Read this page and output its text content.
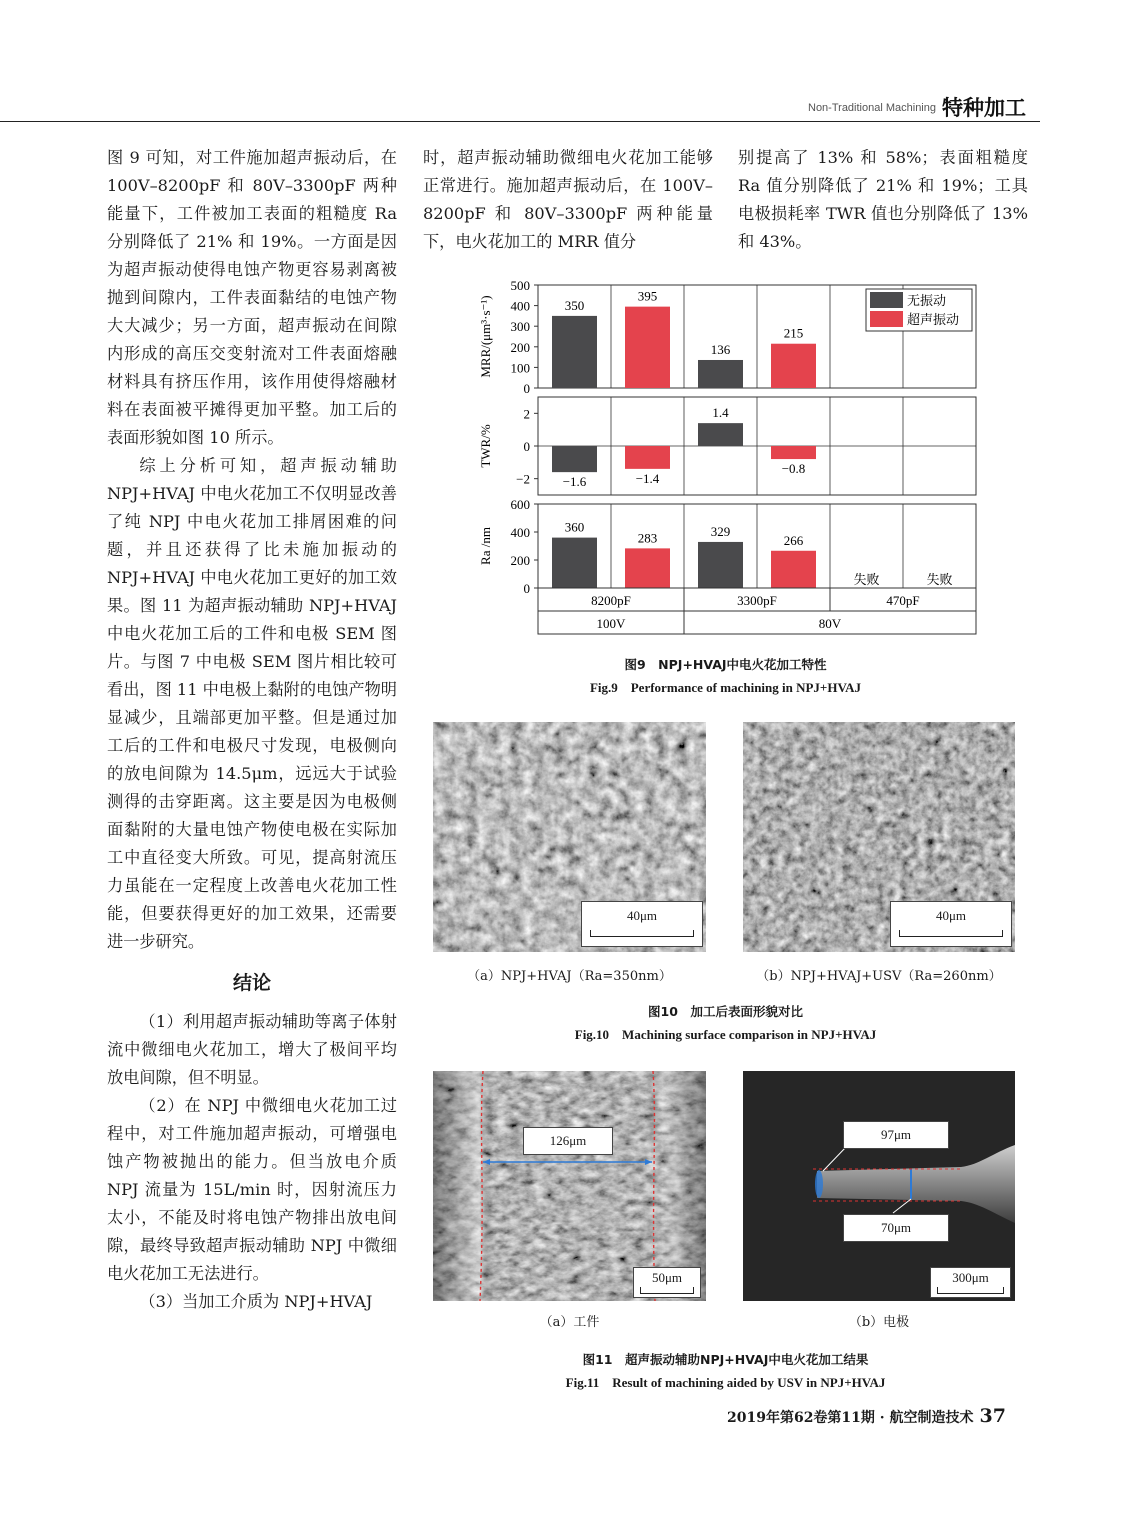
Non-Traditional Machining 特种加工

图 9 可知，对工件施加超声振动后，在 100V–8200pF 和 80V–3300pF 两种能量下，工件被加工表面的粗糙度 Ra 分别降低了 21% 和 19%。一方面是因为超声振动使得电蚀产物更容易剥离被抛到间隙内，工件表面黏结的电蚀产物大大减少；另一方面，超声振动在间隙内形成的高压交变射流对工件表面熔融材料具有挤压作用，该作用使得熔融材料在表面被平摊得更加平整。加工后的表面形貌如图 10 所示。

综上分析可知，超声振动辅助 NPJ+HVAJ 中电火花加工不仅明显改善了纯 NPJ 中电火花加工排屑困难的问题，并且还获得了比未施加振动的 NPJ+HVAJ 中电火花加工更好的加工效果。图 11 为超声振动辅助 NPJ+HVAJ 中电火花加工后的工件和电极 SEM 图片。与图 7 中电极 SEM 图片相比较可看出，图 11 中电极上黏附的电蚀产物明显减少，且端部更加平整。但是通过加工后的工件和电极尺寸发现，电极侧向的放电间隙为 14.5μm，远远大于试验测得的击穿距离。这主要是因为电极侧面黏附的大量电蚀产物使电极在实际加工中直径变大所致。可见，提高射流压力虽能在一定程度上改善电火花加工性能，但要获得更好的加工效果，还需要进一步研究。

结论

（1）利用超声振动辅助等离子体射流中微细电火花加工，增大了极间平均放电间隙，但不明显。

（2）在 NPJ 中微细电火花加工过程中，对工件施加超声振动，可增强电蚀产物被抛出的能力。但当放电介质 NPJ 流量为 15L/min 时，因射流压力太小，不能及时将电蚀产物排出放电间隙，最终导致超声振动辅助 NPJ 中微细电火花加工无法进行。

（3）当加工介质为 NPJ+HVAJ

时，超声振动辅助微细电火花加工能够正常进行。施加超声振动后，在 100V–8200pF 和 80V–3300pF 两种能量下，电火花加工的 MRR 值分

别提高了 13% 和 58%；表面粗糙度 Ra 值分别降低了 21% 和 19%；工具电极损耗率 TWR 值也分别降低了 13% 和 43%。

500
400
300
200
100
0
MRR/(μm³·s⁻¹)	350
395
136
215
2
0
−2
TWR/%
−1.6	−1.4
1.4
−0.8
600
400
200
0
Ra /nm	360
283	329
266
失败	失败
无振动
超声振动
8200pF	3300pF	470pF
100V	80V
图9　NPJ+HVAJ中电火花加工特性
Fig.9　Performance of machining in NPJ+HVAJ
40μm	40μm
（a）NPJ+HVAJ（Ra=350nm）	（b）NPJ+HVAJ+USV（Ra=260nm）
图10　加工后表面形貌对比
Fig.10　Machining surface comparison in NPJ+HVAJ
126μm
50μm
97μm
70μm
300μm
（a）工件	（b）电极
图11　超声振动辅助NPJ+HVAJ中电火花加工结果
Fig.11　Result of machining aided by USV in NPJ+HVAJ
2019年第62卷第11期 · 航空制造技术 37
